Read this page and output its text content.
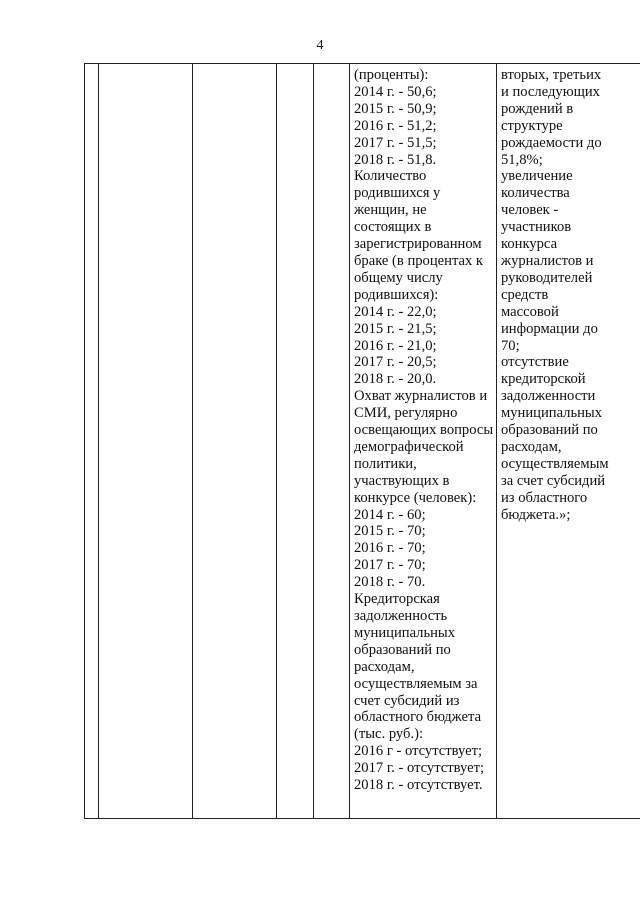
4

(проценты):
2014 г. - 50,6;
2015 г. - 50,9;
2016 г. - 51,2;
2017 г. - 51,5;
2018 г. - 51,8.
Количество
родившихся у
женщин, не
состоящих в
зарегистрированном
браке (в процентах к
общему числу
родившихся):
2014 г. - 22,0;
2015 г. - 21,5;
2016 г. - 21,0;
2017 г. - 20,5;
2018 г. - 20,0.
Охват журналистов и
СМИ, регулярно
освещающих вопросы
демографической
политики,
участвующих в
конкурсе (человек):
2014 г. - 60;
2015 г. - 70;
2016 г. - 70;
2017 г. - 70;
2018 г. - 70.
Кредиторская
задолженность
муниципальных
образований по
расходам,
осуществляемым за
счет субсидий из
областного бюджета
(тыс. руб.):
2016 г - отсутствует;
2017 г. - отсутствует;
2018 г. - отсутствует.

вторых, третьих
и последующих
рождений в
структуре
рождаемости до
51,8%;
увеличение
количества
человек -
участников
конкурса
журналистов и
руководителей
средств
массовой
информации до
70;
отсутствие
кредиторской
задолженности
муниципальных
образований по
расходам,
осуществляемым
за счет субсидий
из областного
бюджета.»;
